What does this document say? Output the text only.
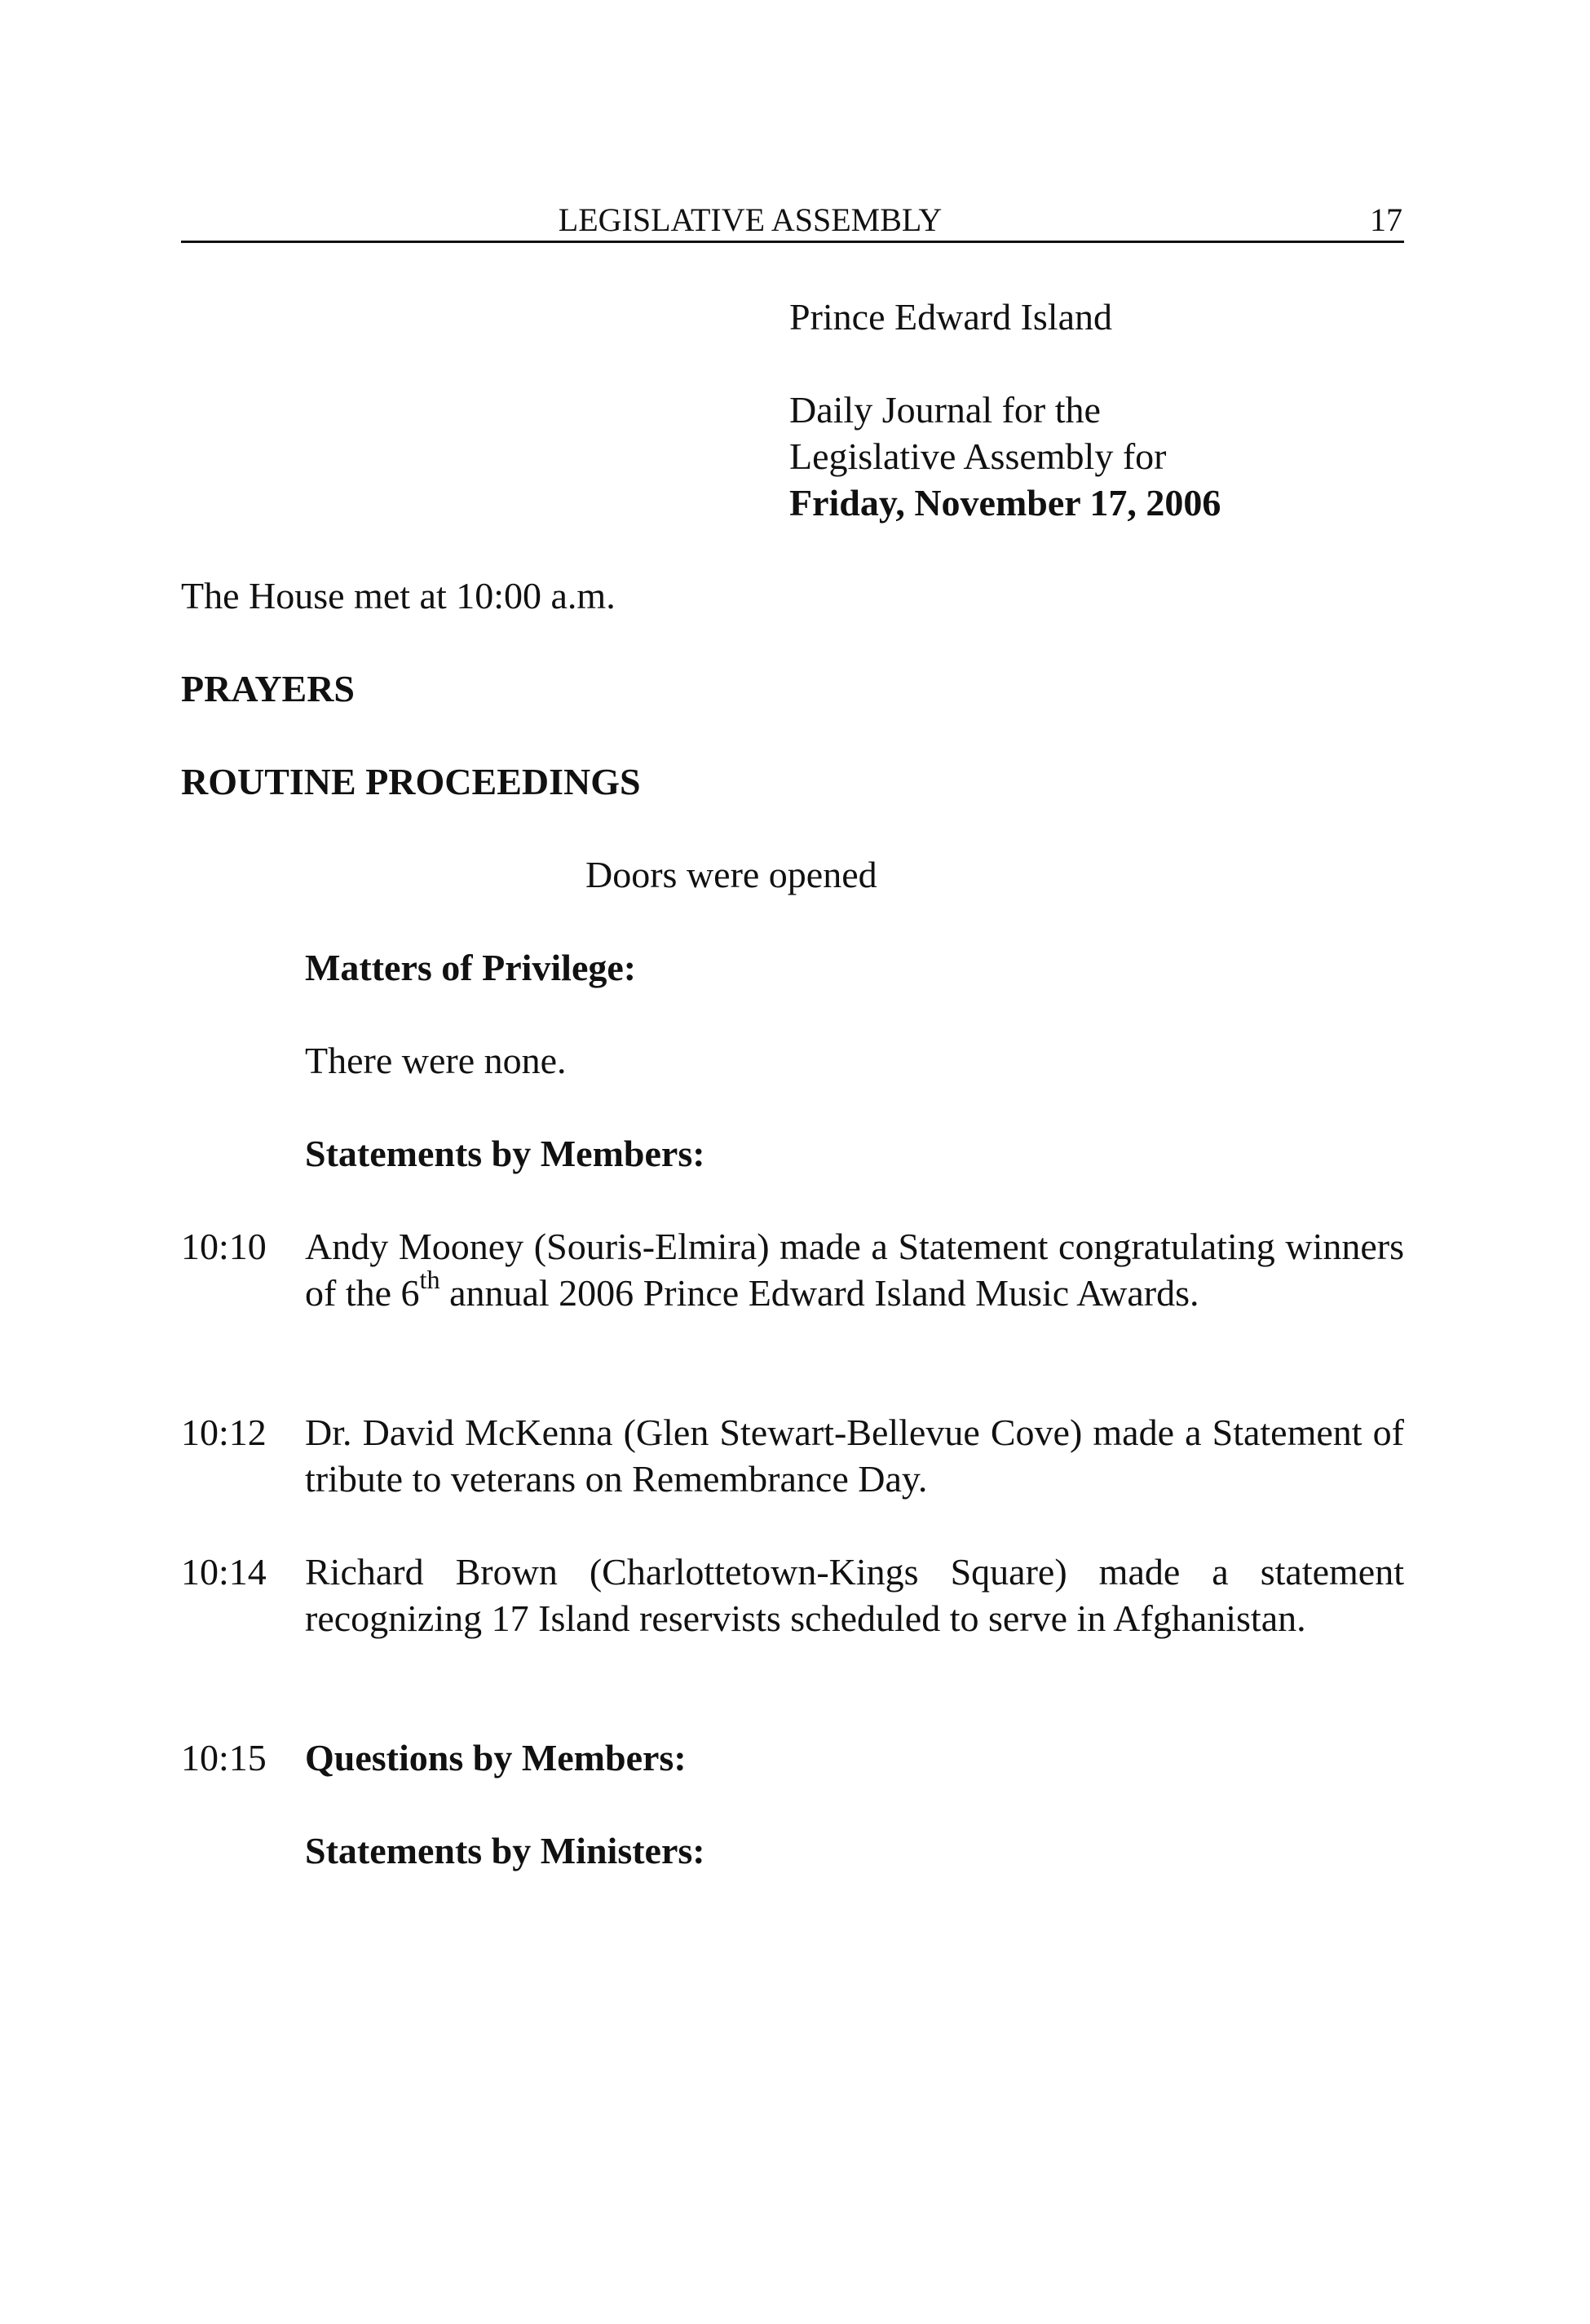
LEGISLATIVE ASSEMBLY	17
Prince Edward Island
Daily Journal for the
Legislative Assembly for
Friday, November 17, 2006
The House met at 10:00 a.m.
PRAYERS
ROUTINE PROCEEDINGS
Doors were opened
Matters of Privilege:
There were none.
Statements by Members:
10:10 Andy Mooney (Souris-Elmira) made a Statement congratulating winners of the 6th annual 2006 Prince Edward Island Music Awards.
10:12 Dr. David McKenna (Glen Stewart-Bellevue Cove) made a Statement of tribute to veterans on Remembrance Day.
10:14 Richard Brown (Charlottetown-Kings Square) made a statement recognizing 17 Island reservists scheduled to serve in Afghanistan.
10:15 Questions by Members:
Statements by Ministers:
